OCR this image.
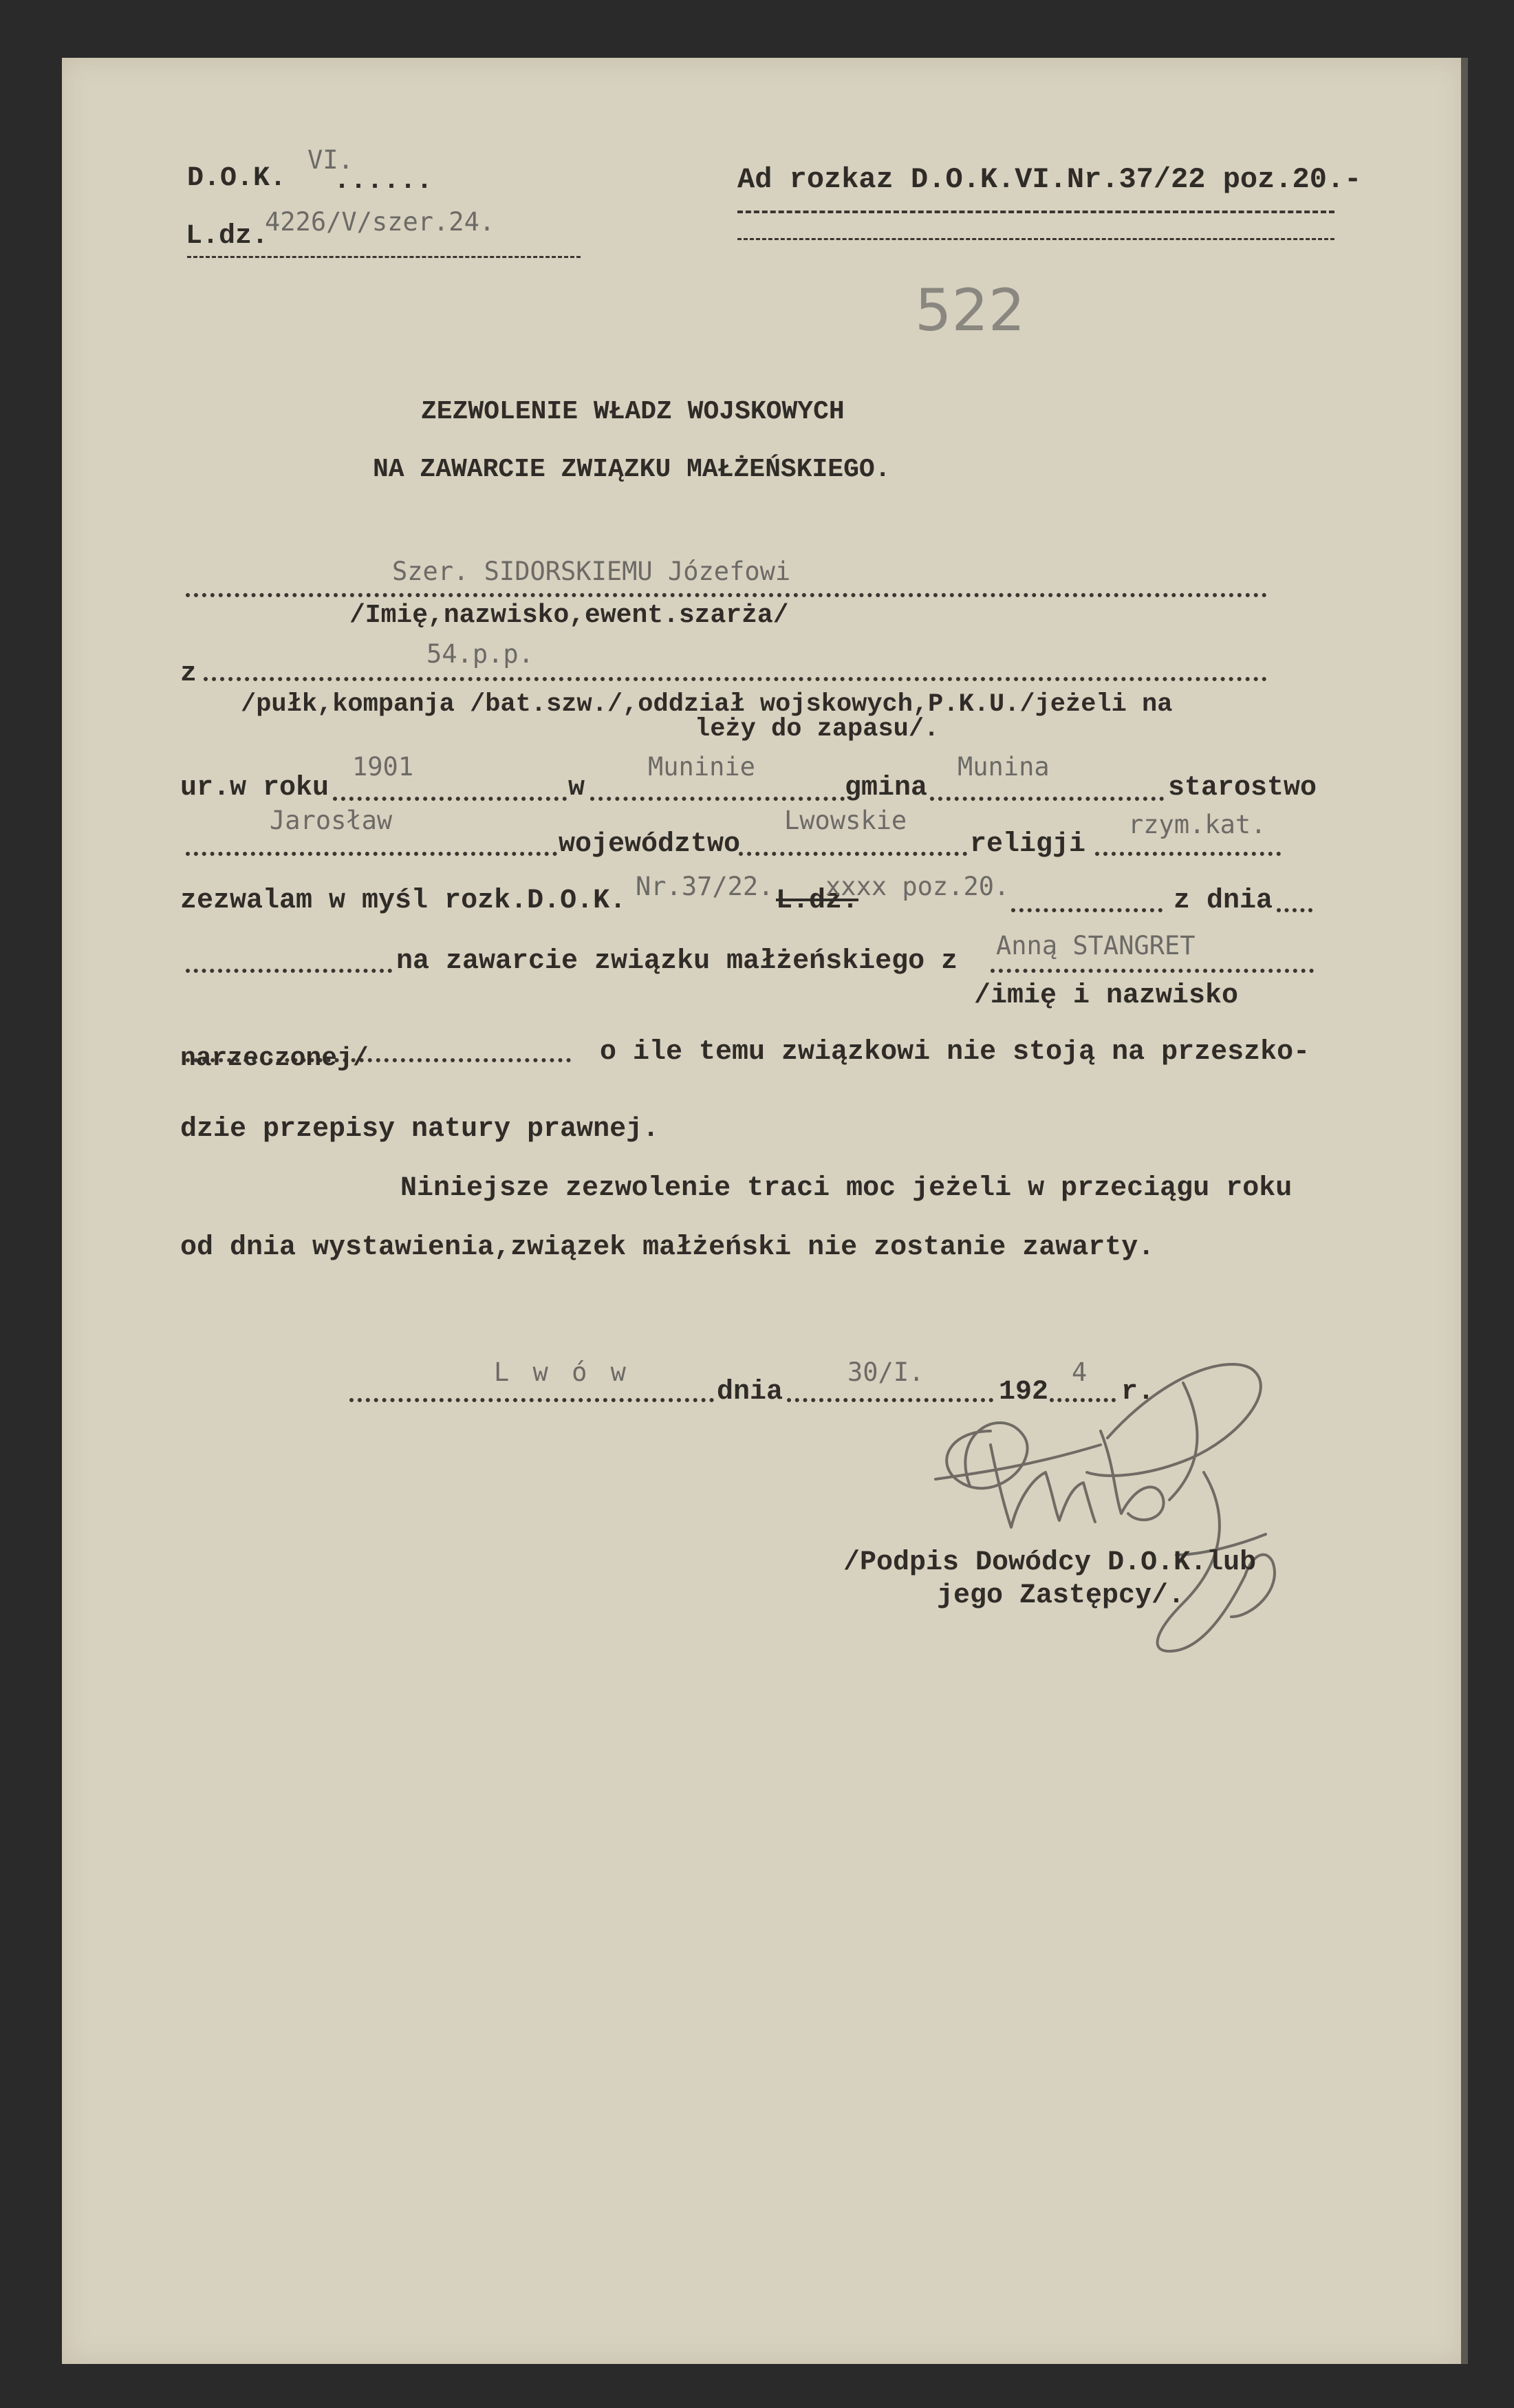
D.O.K.
VI.
......
L.dz.
4226/V/szer.24.
Ad rozkaz D.O.K.VI.Nr.37/22 poz.20.-
522
ZEZWOLENIE WŁADZ WOJSKOWYCH
NA ZAWARCIE ZWIĄZKU MAŁŻEŃSKIEGO.
Szer. SIDORSKIEMU Józefowi
/Imię,nazwisko,ewent.szarża/
54.p.p.
z
/pułk,kompanja /bat.szw./,oddział wojskowych,P.K.U./jeżeli na
leży do zapasu/.
1901	Muninie	Munina
ur.w roku	w	gmina	starostwo
Jarosław	Lwowskie	rzym.kat.
województwo	religji
zezwalam w myśl rozk.D.O.K. Nr.37/22. L.dz.
xxxx poz.20.	z dnia
na zawarcie związku małżeńskiego z
Anną STANGRET
/imię i nazwisko
narzeczonej/	o ile temu związkowi nie stoją na przeszko-
dzie przepisy natury prawnej.
Niniejsze zezwolenie traci moc jeżeli w przeciągu roku
od dnia wystawienia,związek małżeński nie zostanie zawarty.
L w ó w	30/I.	4
dnia	192	r.
/Podpis Dowódcy D.O.K.lub
jego Zastępcy/.
